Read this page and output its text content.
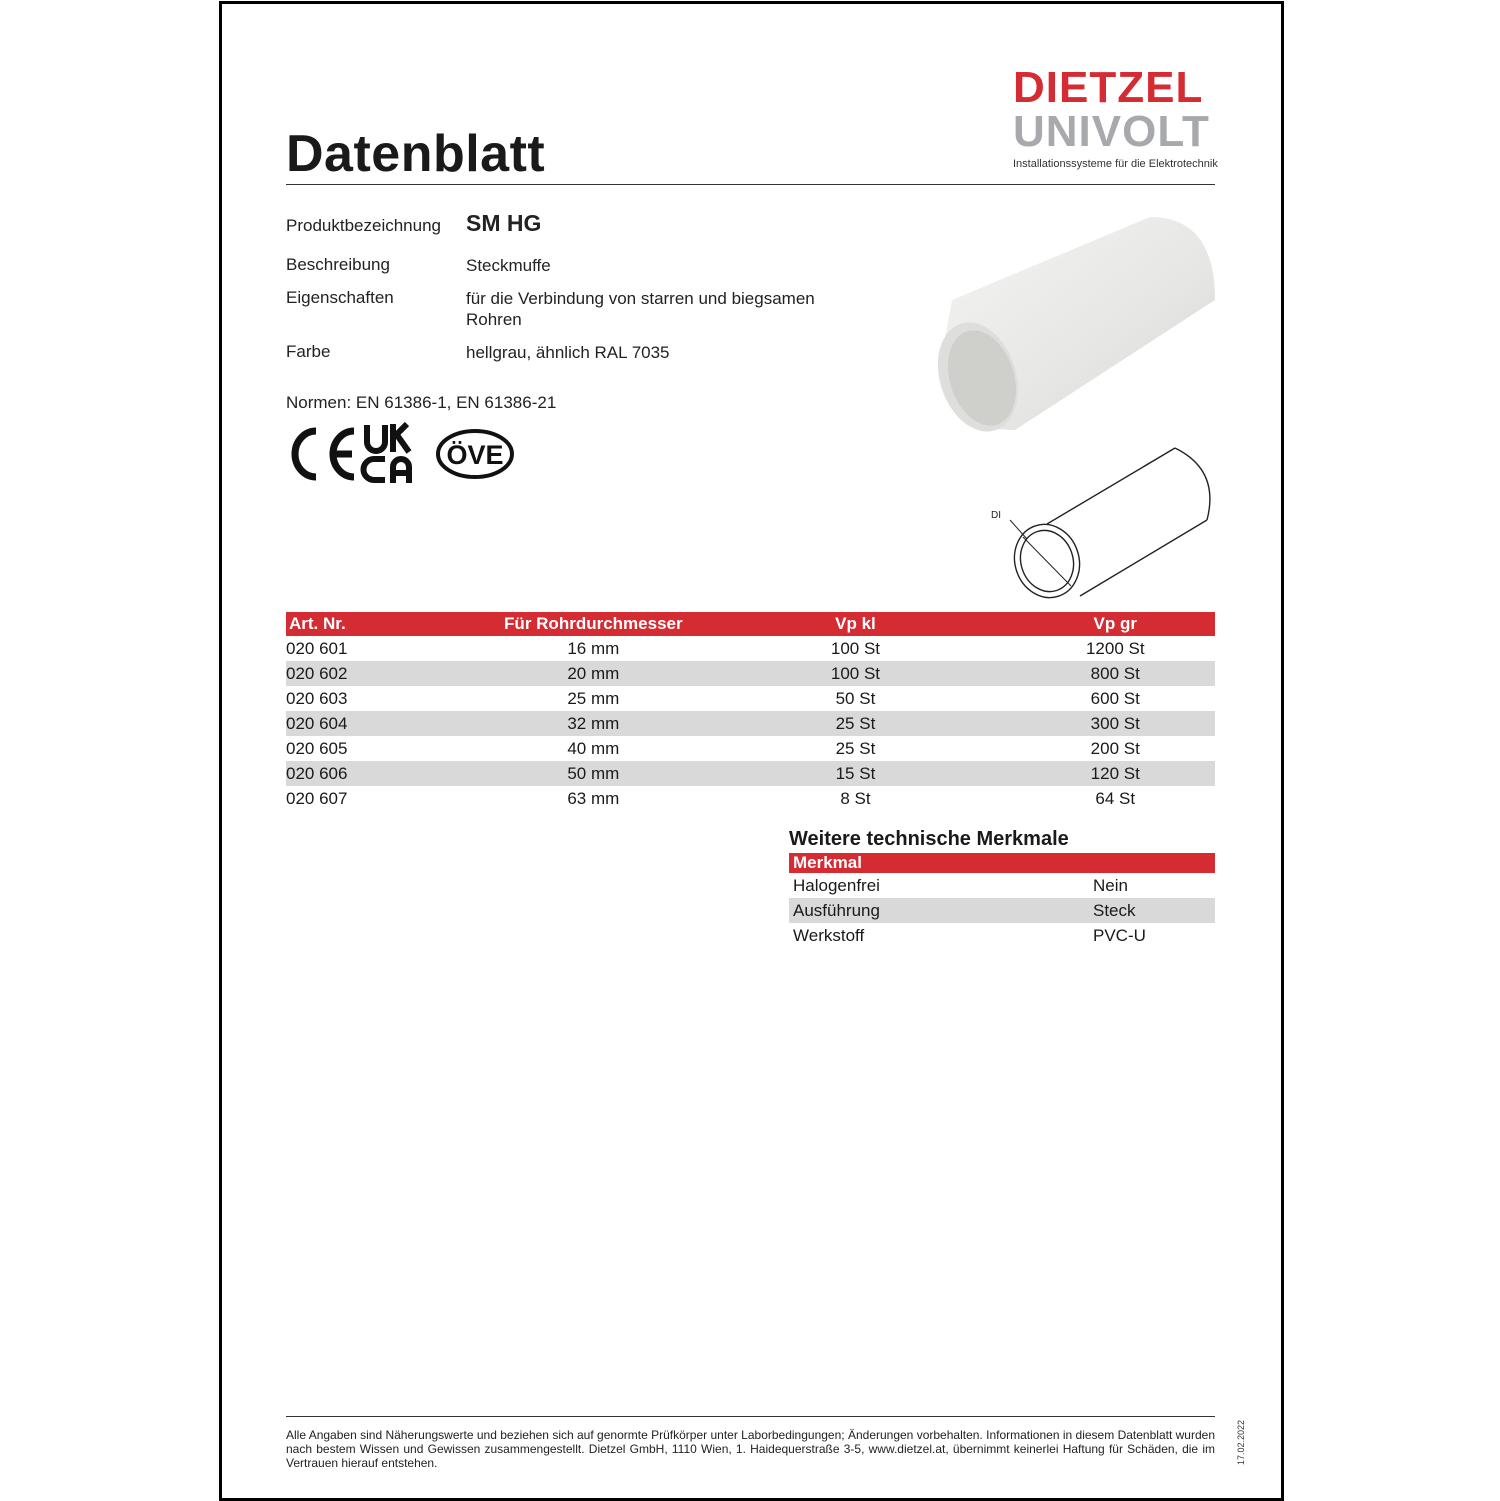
Datenblatt
DIETZEL
UNIVOLT
Installationssysteme für die Elektrotechnik
Produktbezeichnung SM HG
Beschreibung	Steckmuffe
Eigenschaften	für die Verbindung von starren und biegsamen Rohren
Farbe	hellgrau, ähnlich RAL 7035
Normen: EN 61386-1, EN 61386-21
ÖVE
DI
Art. Nr.	Für Rohrdurchmesser	Vp kl	Vp gr
020 601	16 mm	100 St	1200 St
020 602	20 mm	100 St	800 St
020 603	25 mm	50 St	600 St
020 604	32 mm	25 St	300 St
020 605	40 mm	25 St	200 St
020 606	50 mm	15 St	120 St
020 607	63 mm	8 St	64 St
Weitere technische Merkmale
Merkmal	
Halogenfrei	Nein
Ausführung	Steck
Werkstoff	PVC-U
Alle Angaben sind Näherungswerte und beziehen sich auf genormte Prüfkörper unter Laborbedingungen; Änderungen vorbehalten. Informationen in diesem Datenblatt wurden nach bestem Wissen und Gewissen zusammengestellt. Dietzel GmbH, 1110 Wien, 1. Haidequerstraße 3-5, www.dietzel.at, übernimmt keinerlei Haftung für Schäden, die im Vertrauen hierauf entstehen.	17.02.2022
